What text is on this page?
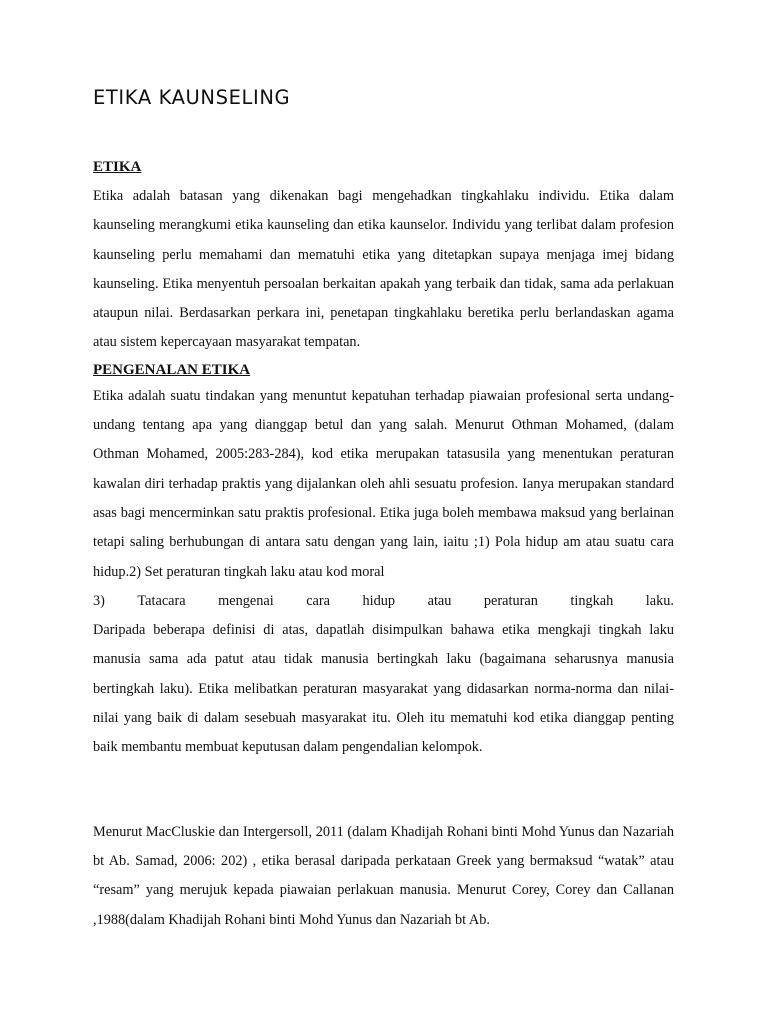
ETIKA KAUNSELING
ETIKA

Etika adalah batasan yang dikenakan bagi mengehadkan tingkahlaku individu. Etika dalam kaunseling merangkumi etika kaunseling dan etika kaunselor. Individu yang terlibat dalam profesion kaunseling perlu memahami dan mematuhi etika yang ditetapkan supaya menjaga imej bidang kaunseling. Etika menyentuh persoalan berkaitan apakah yang terbaik dan tidak, sama ada perlakuan ataupun nilai. Berdasarkan perkara ini, penetapan tingkahlaku beretika perlu berlandaskan agama atau sistem kepercayaan masyarakat tempatan.

PENGENALAN ETIKA

Etika adalah suatu tindakan yang menuntut kepatuhan terhadap piawaian profesional serta undang-undang tentang apa yang dianggap betul dan yang salah. Menurut Othman Mohamed, (dalam Othman Mohamed, 2005:283-284), kod etika merupakan tatasusila yang menentukan peraturan kawalan diri terhadap praktis yang dijalankan oleh ahli sesuatu profesion. Ianya merupakan standard asas bagi mencerminkan satu praktis profesional. Etika juga boleh membawa maksud yang berlainan tetapi saling berhubungan di antara satu dengan yang lain, iaitu ;1) Pola hidup am atau suatu cara hidup.2) Set peraturan tingkah laku atau kod moral

3) Tatacara mengenai cara hidup atau peraturan tingkah laku.

Daripada beberapa definisi di atas, dapatlah disimpulkan bahawa etika mengkaji tingkah laku manusia sama ada patut atau tidak manusia bertingkah laku (bagaimana seharusnya manusia bertingkah laku). Etika melibatkan peraturan masyarakat yang didasarkan norma-norma dan nilai-nilai yang baik di dalam sesebuah masyarakat itu. Oleh itu mematuhi kod etika dianggap penting baik membantu membuat keputusan dalam pengendalian kelompok.

Menurut MacCluskie dan Intergersoll, 2011 (dalam Khadijah Rohani binti Mohd Yunus dan Nazariah bt Ab. Samad, 2006: 202) , etika berasal daripada perkataan Greek yang bermaksud “watak” atau “resam” yang merujuk kepada piawaian perlakuan manusia. Menurut Corey, Corey dan Callanan ,1988(dalam Khadijah Rohani binti Mohd Yunus dan Nazariah bt Ab.
